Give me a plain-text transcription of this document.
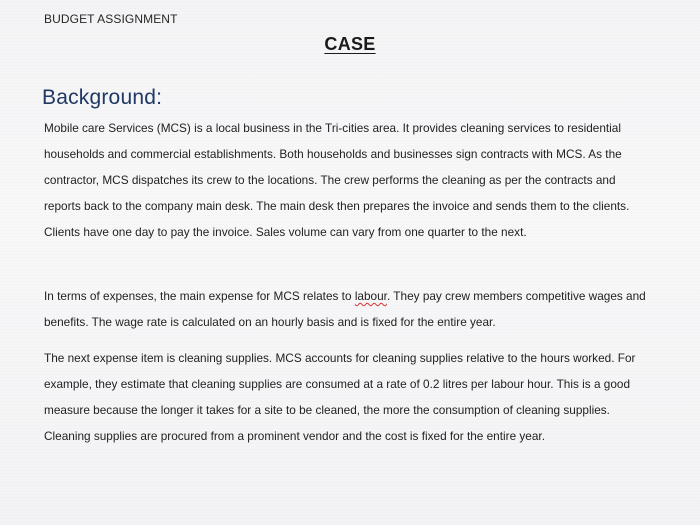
BUDGET ASSIGNMENT
CASE
Background:

Mobile care Services (MCS) is a local business in the Tri-cities area. It provides cleaning services to residential households and commercial establishments. Both households and businesses sign contracts with MCS. As the contractor, MCS dispatches its crew to the locations. The crew performs the cleaning as per the contracts and reports back to the company main desk. The main desk then prepares the invoice and sends them to the clients. Clients have one day to pay the invoice. Sales volume can vary from one quarter to the next.

In terms of expenses, the main expense for MCS relates to labour. They pay crew members competitive wages and benefits. The wage rate is calculated on an hourly basis and is fixed for the entire year.

The next expense item is cleaning supplies. MCS accounts for cleaning supplies relative to the hours worked. For example, they estimate that cleaning supplies are consumed at a rate of 0.2 litres per labour hour. This is a good measure because the longer it takes for a site to be cleaned, the more the consumption of cleaning supplies. Cleaning supplies are procured from a prominent vendor and the cost is fixed for the entire year.
